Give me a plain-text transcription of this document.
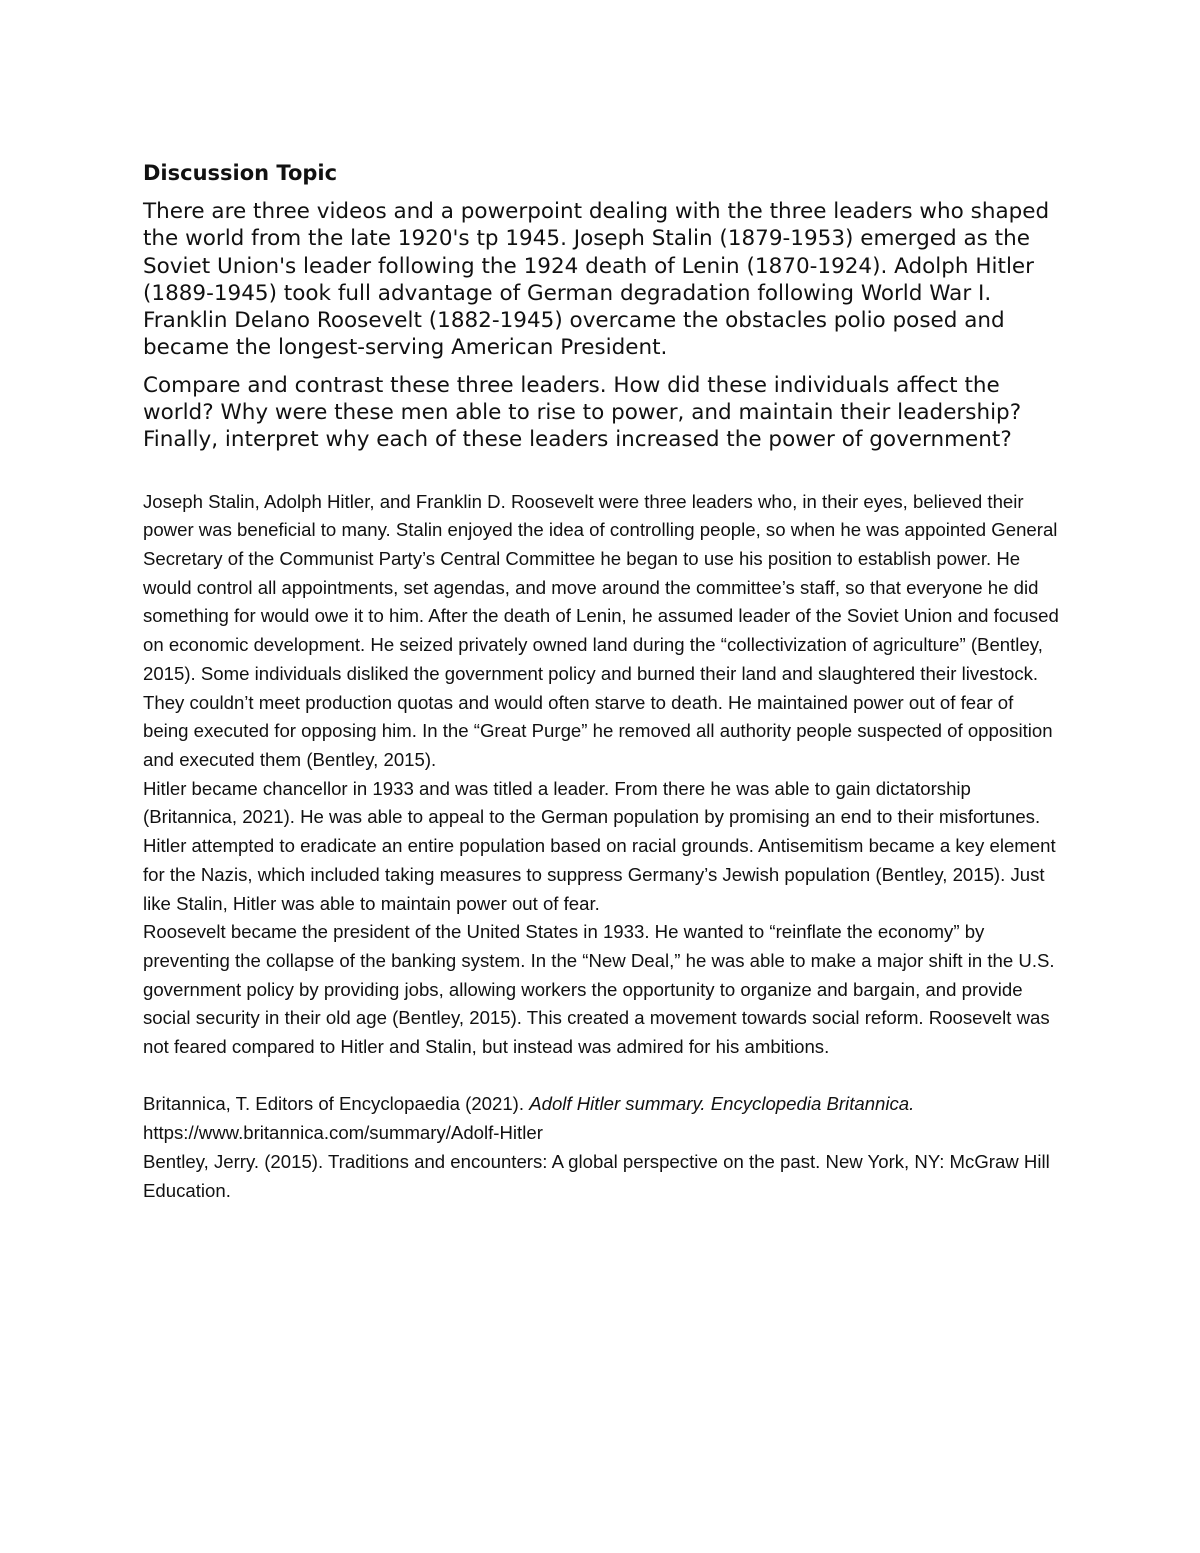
Discussion Topic

There are three videos and a powerpoint dealing with the three leaders who shaped the world from the late 1920's tp 1945. Joseph Stalin (1879-1953) emerged as the Soviet Union's leader following the 1924 death of Lenin (1870-1924). Adolph Hitler (1889-1945) took full advantage of German degradation following World War I. Franklin Delano Roosevelt (1882-1945) overcame the obstacles polio posed and became the longest-serving American President.

Compare and contrast these three leaders. How did these individuals affect the world? Why were these men able to rise to power, and maintain their leadership? Finally, interpret why each of these leaders increased the power of government?

Joseph Stalin, Adolph Hitler, and Franklin D. Roosevelt were three leaders who, in their eyes, believed their power was beneficial to many. Stalin enjoyed the idea of controlling people, so when he was appointed General Secretary of the Communist Party’s Central Committee he began to use his position to establish power. He would control all appointments, set agendas, and move around the committee’s staff, so that everyone he did something for would owe it to him. After the death of Lenin, he assumed leader of the Soviet Union and focused on economic development. He seized privately owned land during the “collectivization of agriculture” (Bentley, 2015). Some individuals disliked the government policy and burned their land and slaughtered their livestock. They couldn’t meet production quotas and would often starve to death. He maintained power out of fear of being executed for opposing him. In the “Great Purge” he removed all authority people suspected of opposition and executed them (Bentley, 2015).

Hitler became chancellor in 1933 and was titled a leader. From there he was able to gain dictatorship (Britannica, 2021). He was able to appeal to the German population by promising an end to their misfortunes. Hitler attempted to eradicate an entire population based on racial grounds. Antisemitism became a key element for the Nazis, which included taking measures to suppress Germany’s Jewish population (Bentley, 2015). Just like Stalin, Hitler was able to maintain power out of fear.

Roosevelt became the president of the United States in 1933. He wanted to “reinflate the economy” by preventing the collapse of the banking system. In the “New Deal,” he was able to make a major shift in the U.S. government policy by providing jobs, allowing workers the opportunity to organize and bargain, and provide social security in their old age (Bentley, 2015). This created a movement towards social reform. Roosevelt was not feared compared to Hitler and Stalin, but instead was admired for his ambitions.

Britannica, T. Editors of Encyclopaedia (2021). Adolf Hitler summary. Encyclopedia Britannica. https://www.britannica.com/summary/Adolf-Hitler

Bentley, Jerry. (2015). Traditions and encounters: A global perspective on the past. New York, NY: McGraw Hill Education.
